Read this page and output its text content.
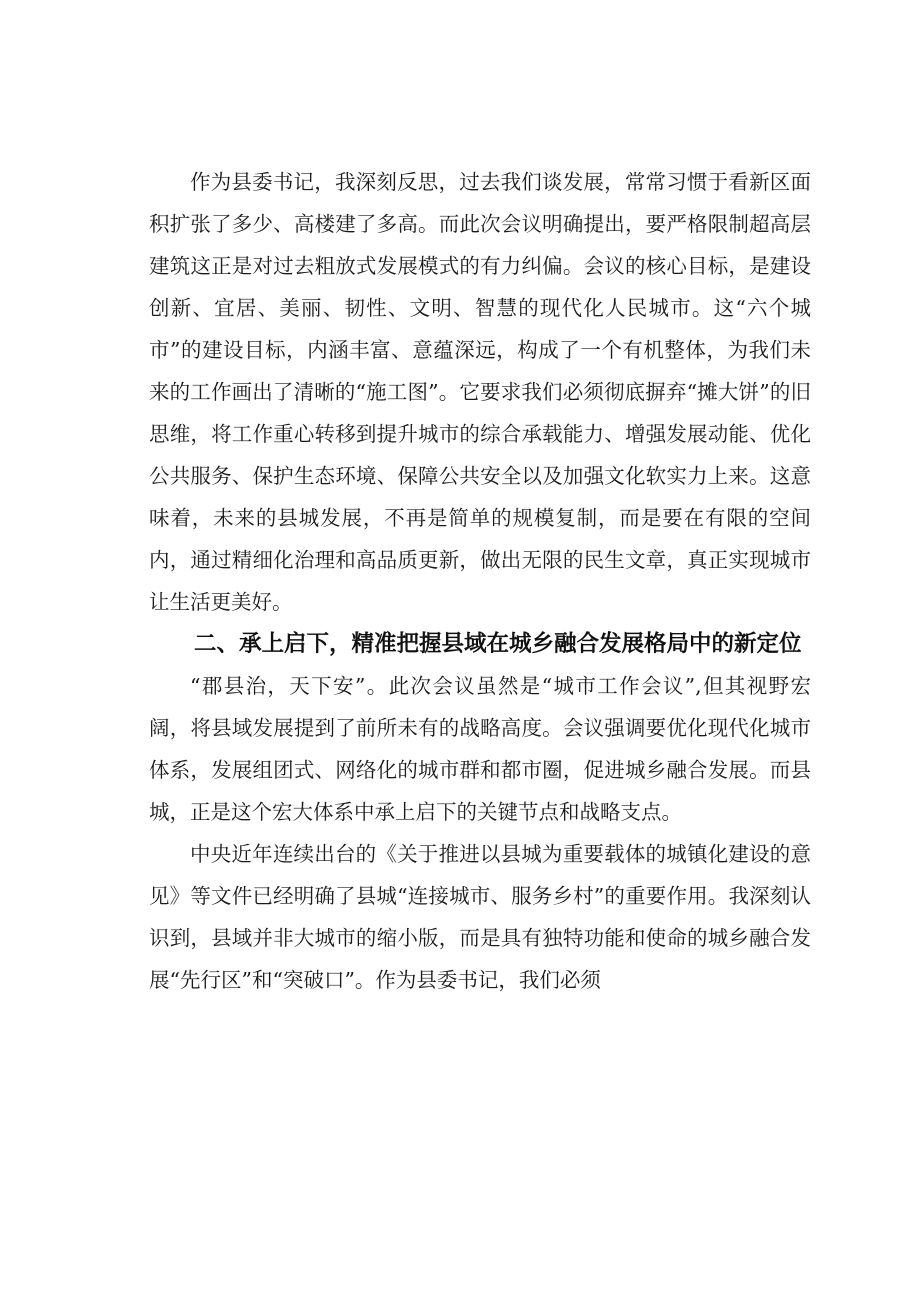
作为县委书记，我深刻反思，过去我们谈发展，常常习惯于看新区面积扩张了多少、高楼建了多高。而此次会议明确提出，要严格限制超高层建筑这正是对过去粗放式发展模式的有力纠偏。会议的核心目标，是建设创新、宜居、美丽、韧性、文明、智慧的现代化人民城市。这“六个城市”的建设目标，内涵丰富、意蕴深远，构成了一个有机整体，为我们未来的工作画出了清晰的“施工图”。它要求我们必须彻底摒弃“摊大饼”的旧思维，将工作重心转移到提升城市的综合承载能力、增强发展动能、优化公共服务、保护生态环境、保障公共安全以及加强文化软实力上来。这意味着，未来的县城发展，不再是简单的规模复制，而是要在有限的空间内，通过精细化治理和高品质更新，做出无限的民生文章，真正实现城市让生活更美好。

二、承上启下，精准把握县域在城乡融合发展格局中的新定位

“郡县治，天下安”。此次会议虽然是“城市工作会议”,但其视野宏阔，将县域发展提到了前所未有的战略高度。会议强调要优化现代化城市体系，发展组团式、网络化的城市群和都市圈，促进城乡融合发展。而县城，正是这个宏大体系中承上启下的关键节点和战略支点。

中央近年连续出台的《关于推进以县城为重要载体的城镇化建设的意见》等文件已经明确了县城“连接城市、服务乡村”的重要作用。我深刻认识到，县域并非大城市的缩小版，而是具有独特功能和使命的城乡融合发展“先行区”和“突破口”。作为县委书记，我们必须
